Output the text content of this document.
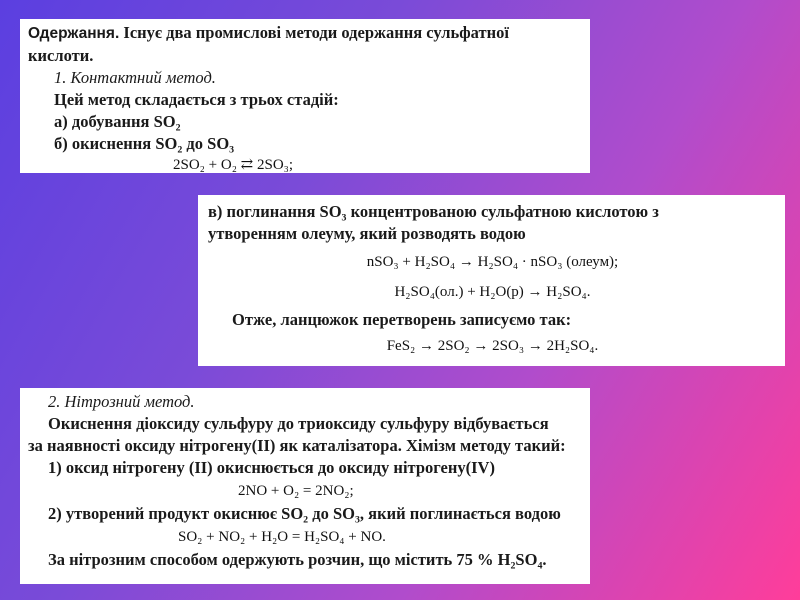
Одержання. Існує два промислові методи одержання сульфатної
кислоти.
1. Контактний метод.
Цей метод складається з трьох стадій:
а) добування SO₂
б) окиснення SO₂ до SO₃
2SO₂ + O₂ ⇄ 2SO₃;
в) поглинання SO₃ концентрованою сульфатною кислотою з
утворенням олеуму, який розводять водою
nSO₃ + H₂SO₄ → H₂SO₄ · nSO₃ (олеум);
H₂SO₄(ол.) + H₂O(р) → H₂SO₄.
Отже, ланцюжок перетворень записуємо так:
FeS₂ → 2SO₂ → 2SO₃ → 2H₂SO₄.
2. Нітрозний метод.
Окиснення діоксиду сульфуру до триоксиду сульфуру відбувається
за наявності оксиду нітрогену(II) як каталізатора. Хімізм методу такий:
1) оксид нітрогену (II) окиснюється до оксиду нітрогену(IV)
2NO + O₂ = 2NO₂;
2) утворений продукт окиснює SO₂ до SO₃, який поглинається водою
SO₂ + NO₂ + H₂O = H₂SO₄ + NO.
За нітрозним способом одержують розчин, що містить 75 % H₂SO₄.
